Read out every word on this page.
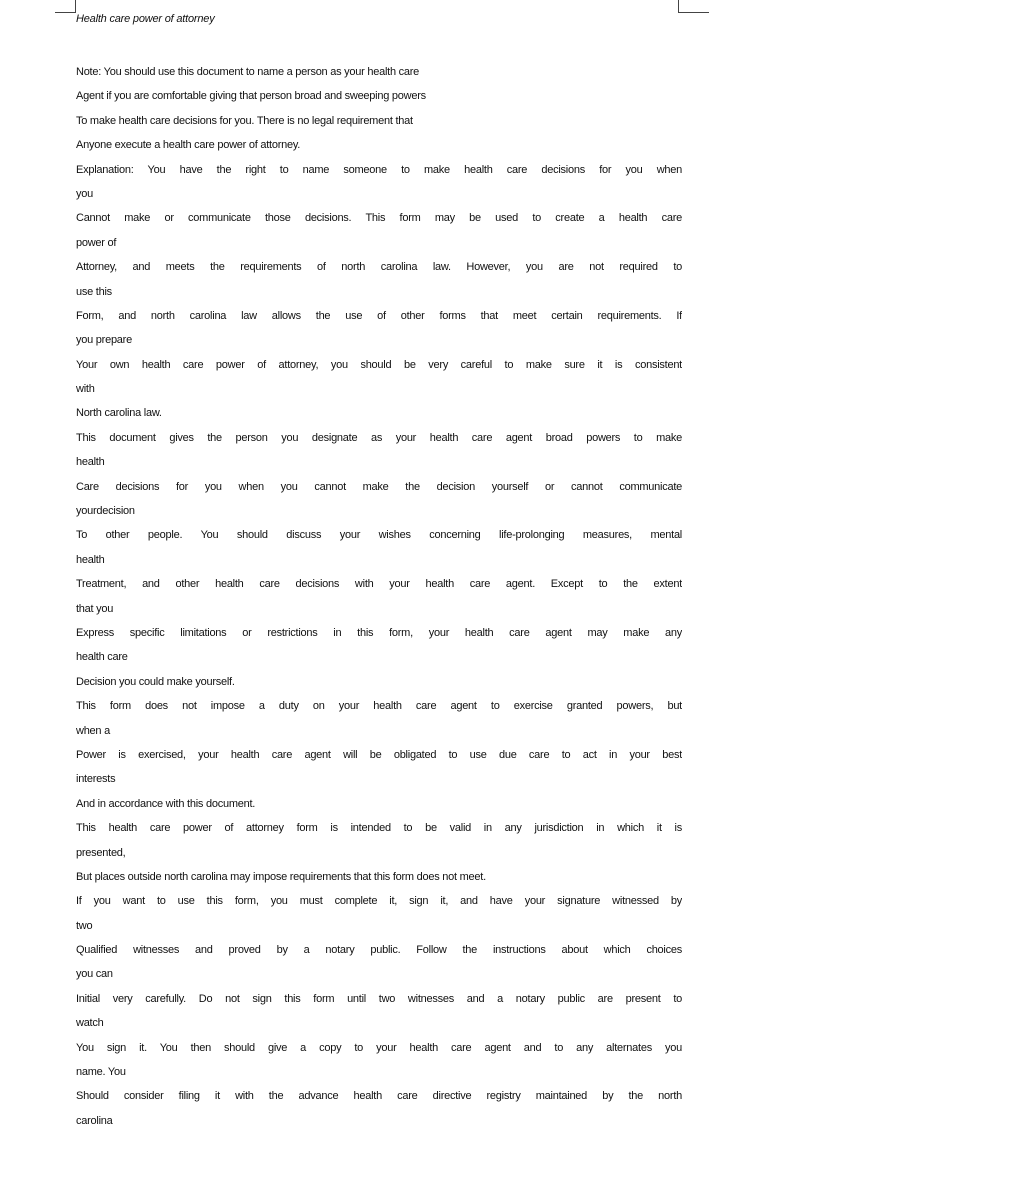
Health care power of attorney
Note: You should use this document to name a person as your health care
Agent if you are comfortable giving that person broad and sweeping powers
To make health care decisions for you. There is no legal requirement that
Anyone execute a health care power of attorney.
Explanation: You have the right to name someone to make health care decisions for you when
you
Cannot make or communicate those decisions. This form may be used to create a health care
power of
Attorney, and meets the requirements of north carolina law. However, you are not required to
use this
Form, and north carolina law allows the use of other forms that meet certain requirements. If
you prepare
Your own health care power of attorney, you should be very careful to make sure it is consistent
with
North carolina law.
This document gives the person you designate as your health care agent broad powers to make
health
Care decisions for you when you cannot make the decision yourself or cannot communicate
yourdecision
To other people. You should discuss your wishes concerning life-prolonging measures, mental
health
Treatment, and other health care decisions with your health care agent. Except to the extent
that you
Express specific limitations or restrictions in this form, your health care agent may make any
health care
Decision you could make yourself.
This form does not impose a duty on your health care agent to exercise granted powers, but
when a
Power is exercised, your health care agent will be obligated to use due care to act in your best
interests
And in accordance with this document.
This health care power of attorney form is intended to be valid in any jurisdiction in which it is
presented,
But places outside north carolina may impose requirements that this form does not meet.
If you want to use this form, you must complete it, sign it, and have your signature witnessed by
two
Qualified witnesses and proved by a notary public. Follow the instructions about which choices
you can
Initial very carefully. Do not sign this form until two witnesses and a notary public are present to
watch
You sign it. You then should give a copy to your health care agent and to any alternates you
name. You
Should consider filing it with the advance health care directive registry maintained by the north
carolina
